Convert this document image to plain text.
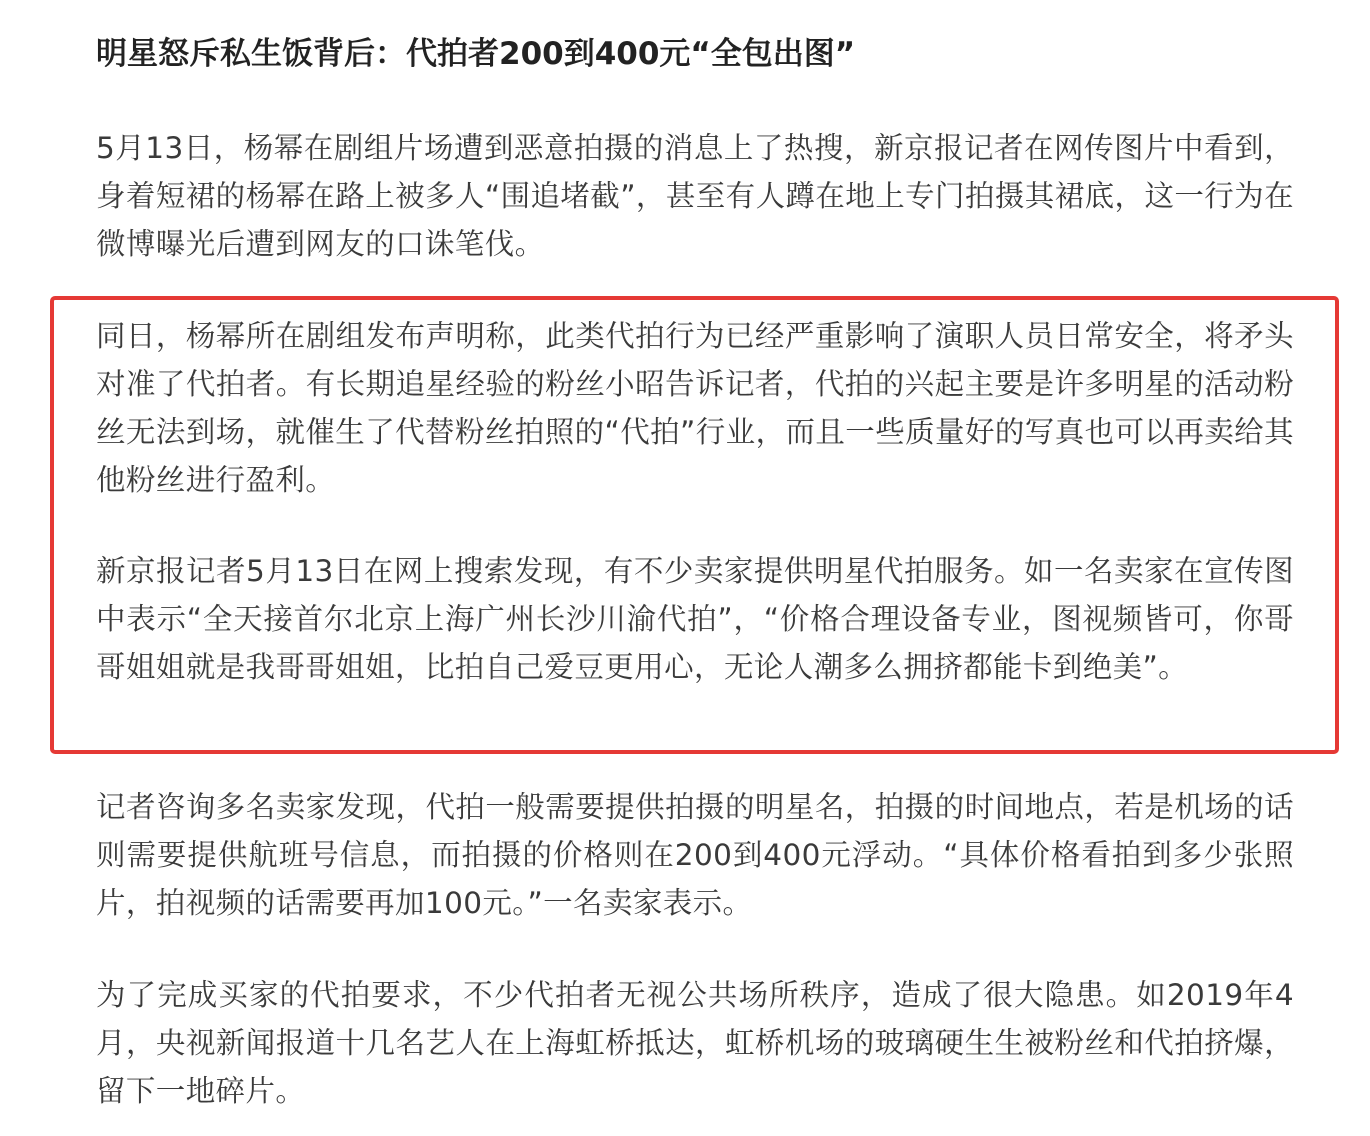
明星怒斥私生饭背后：代拍者200到400元“全包出图”

5月13日，杨幂在剧组片场遭到恶意拍摄的消息上了热搜，新京报记者在网传图片中看到，身着短裙的杨幂在路上被多人“围追堵截”，甚至有人蹲在地上专门拍摄其裙底，这一行为在微博曝光后遭到网友的口诛笔伐。

同日，杨幂所在剧组发布声明称，此类代拍行为已经严重影响了演职人员日常安全，将矛头对准了代拍者。有长期追星经验的粉丝小昭告诉记者，代拍的兴起主要是许多明星的活动粉丝无法到场，就催生了代替粉丝拍照的“代拍”行业，而且一些质量好的写真也可以再卖给其他粉丝进行盈利。

新京报记者5月13日在网上搜索发现，有不少卖家提供明星代拍服务。如一名卖家在宣传图中表示“全天接首尔北京上海广州长沙川渝代拍”，“价格合理设备专业，图视频皆可，你哥哥姐姐就是我哥哥姐姐，比拍自己爱豆更用心，无论人潮多么拥挤都能卡到绝美”。

记者咨询多名卖家发现，代拍一般需要提供拍摄的明星名，拍摄的时间地点，若是机场的话则需要提供航班号信息，而拍摄的价格则在200到400元浮动。“具体价格看拍到多少张照片，拍视频的话需要再加100元。”一名卖家表示。

为了完成买家的代拍要求，不少代拍者无视公共场所秩序，造成了很大隐患。如2019年4月，央视新闻报道十几名艺人在上海虹桥抵达，虹桥机场的玻璃硬生生被粉丝和代拍挤爆，留下一地碎片。
